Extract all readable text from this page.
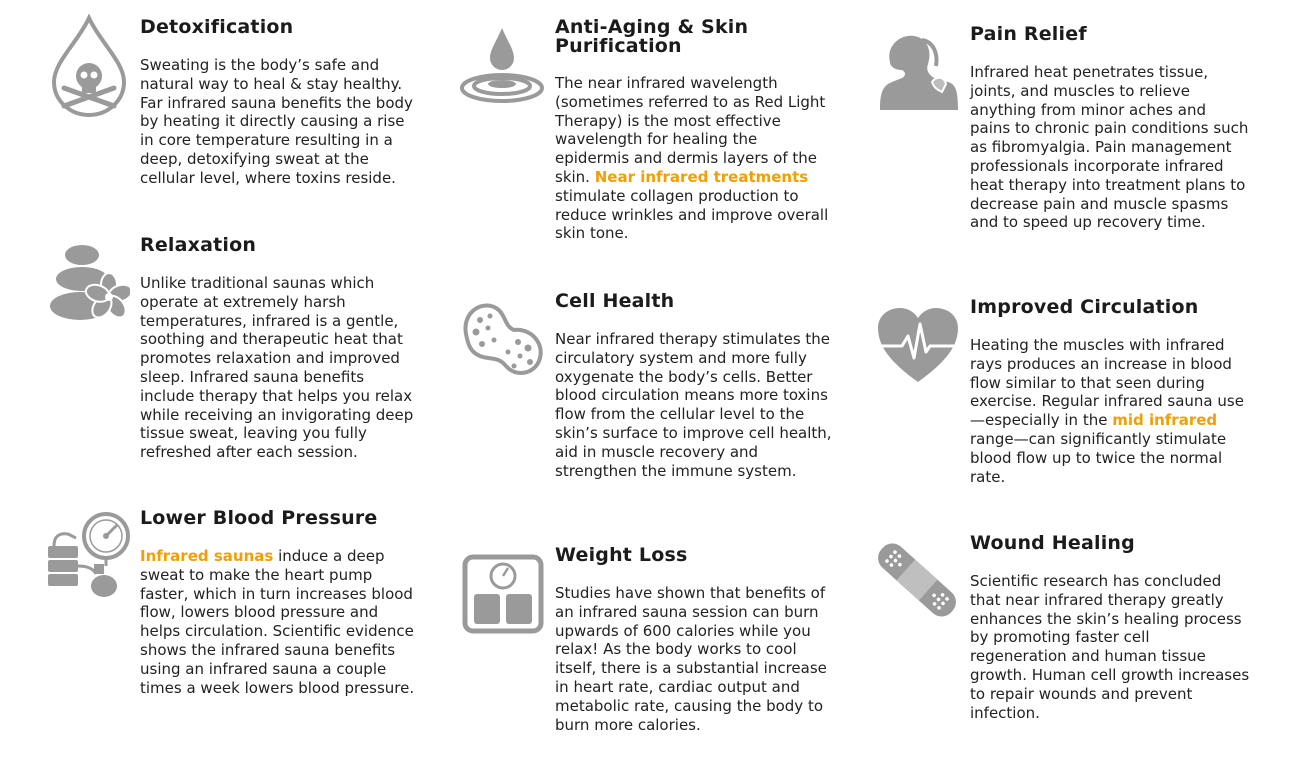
Detoxification

Sweating is the body’s safe and natural way to heal & stay healthy. Far infrared sauna benefits the body by heating it directly causing a rise in core temperature resulting in a deep, detoxifying sweat at the cellular level, where toxins reside.

Relaxation

Unlike traditional saunas which operate at extremely harsh temperatures, infrared is a gentle, soothing and therapeutic heat that promotes relaxation and improved sleep. Infrared sauna benefits include therapy that helps you relax while receiving an invigorating deep tissue sweat, leaving you fully refreshed after each session.

Lower Blood Pressure

Infrared saunas induce a deep sweat to make the heart pump faster, which in turn increases blood flow, lowers blood pressure and helps circulation. Scientific evidence shows the infrared sauna benefits using an infrared sauna a couple times a week lowers blood pressure.

Anti-Aging & Skin Purification

The near infrared wavelength (sometimes referred to as Red Light Therapy) is the most effective wavelength for healing the epidermis and dermis layers of the skin. Near infrared treatments stimulate collagen production to reduce wrinkles and improve overall skin tone.

Cell Health

Near infrared therapy stimulates the circulatory system and more fully oxygenate the body’s cells. Better blood circulation means more toxins flow from the cellular level to the skin’s surface to improve cell health, aid in muscle recovery and strengthen the immune system.

Weight Loss

Studies have shown that benefits of an infrared sauna session can burn upwards of 600 calories while you relax! As the body works to cool itself, there is a substantial increase in heart rate, cardiac output and metabolic rate, causing the body to burn more calories.

Pain Relief

Infrared heat penetrates tissue, joints, and muscles to relieve anything from minor aches and pains to chronic pain conditions such as fibromyalgia. Pain management professionals incorporate infrared heat therapy into treatment plans to decrease pain and muscle spasms and to speed up recovery time.

Improved Circulation

Heating the muscles with infrared rays produces an increase in blood flow similar to that seen during exercise. Regular infrared sauna use—especially in the mid infrared range—can significantly stimulate blood flow up to twice the normal rate.

Wound Healing

Scientific research has concluded that near infrared therapy greatly enhances the skin’s healing process by promoting faster cell regeneration and human tissue growth. Human cell growth increases to repair wounds and prevent infection.
